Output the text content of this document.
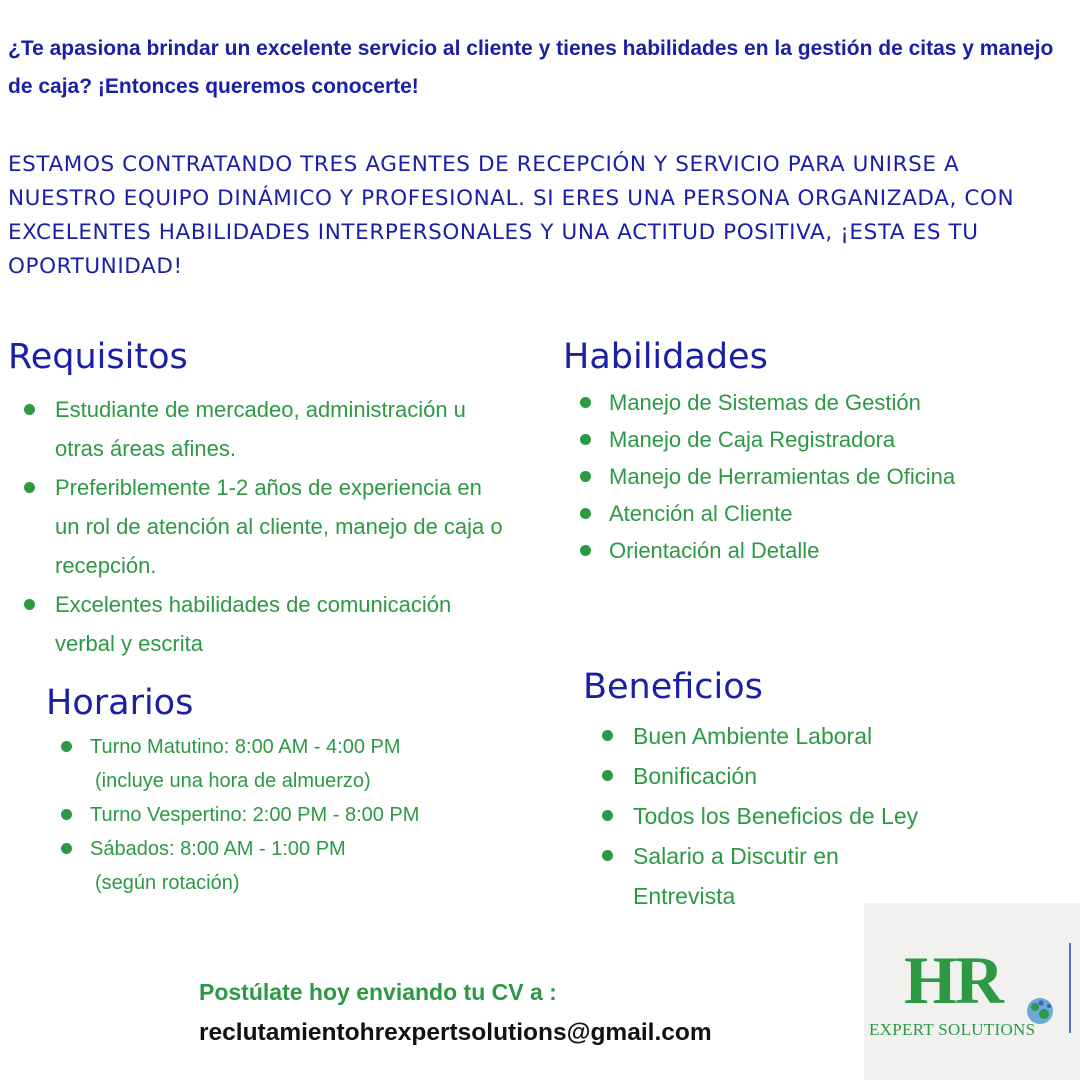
¿Te apasiona brindar un excelente servicio al cliente y tienes habilidades en la gestión de citas y manejo de caja? ¡Entonces queremos conocerte!
ESTAMOS CONTRATANDO TRES AGENTES DE RECEPCIÓN Y SERVICIO PARA UNIRSE A NUESTRO EQUIPO DINÁMICO Y PROFESIONAL. SI ERES UNA PERSONA ORGANIZADA, CON EXCELENTES HABILIDADES INTERPERSONALES Y UNA ACTITUD POSITIVA, ¡ESTA ES TU OPORTUNIDAD!
Requisitos
Estudiante de mercadeo, administración u otras áreas afines.
Preferiblemente 1-2 años de experiencia en un rol de atención al cliente, manejo de caja o recepción.
Excelentes habilidades de comunicación verbal y escrita
Habilidades
Manejo de Sistemas de Gestión
Manejo de Caja Registradora
Manejo de Herramientas de Oficina
Atención al Cliente
Orientación al Detalle
Horarios
Turno Matutino: 8:00 AM - 4:00 PM
(incluye una hora de almuerzo)
Turno Vespertino: 2:00 PM - 8:00 PM
Sábados: 8:00 AM - 1:00 PM
(según rotación)
Beneficios
Buen Ambiente Laboral
Bonificación
Todos los Beneficios de Ley
Salario a Discutir en Entrevista
Postúlate hoy enviando tu CV a :
reclutamientohrexpertsolutions@gmail.com
HR
EXPERT SOLUTIONS
